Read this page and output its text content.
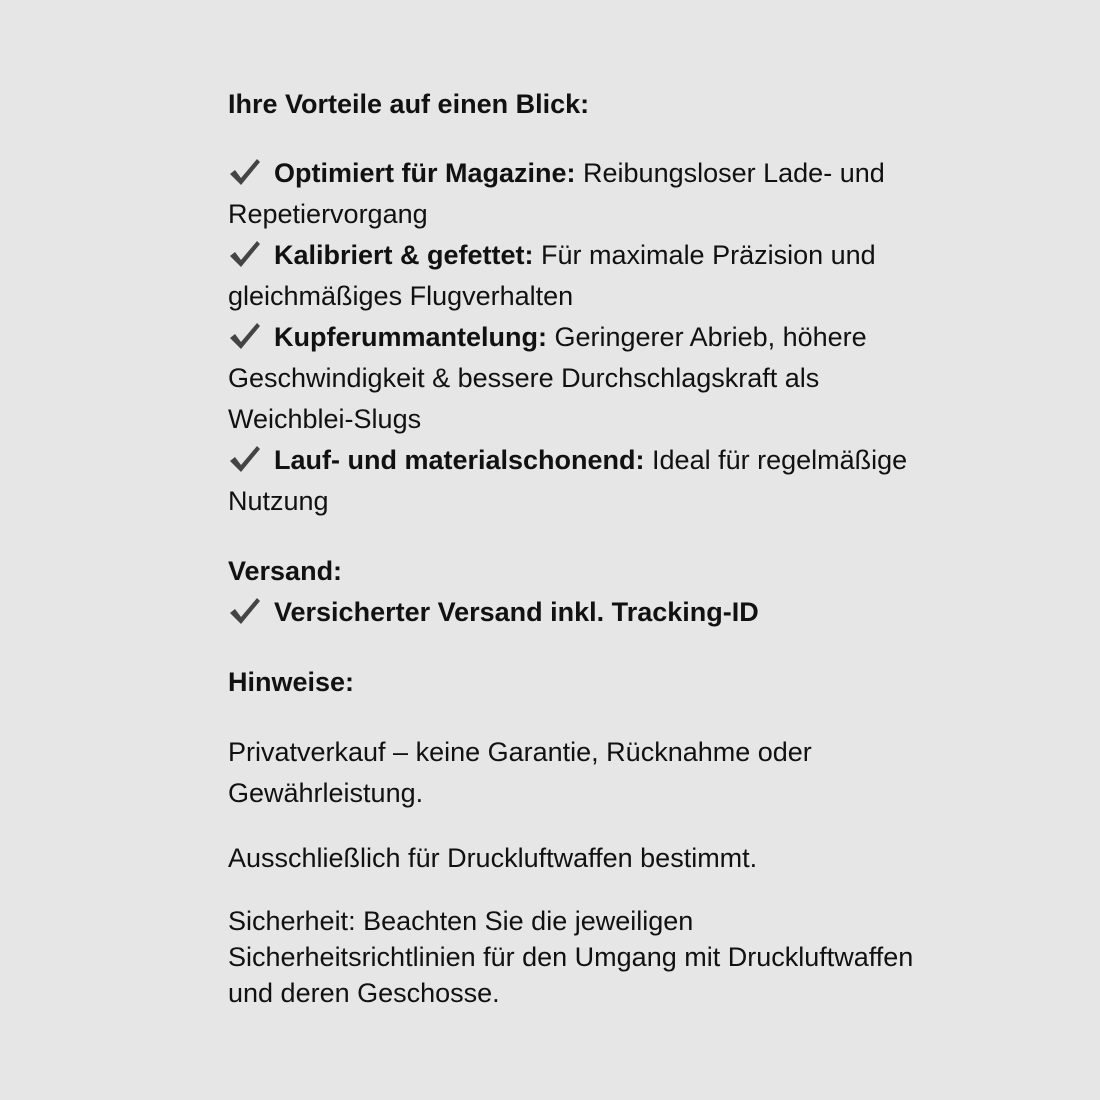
Ihre Vorteile auf einen Blick:

Optimiert für Magazine: Reibungsloser Lade- und Repetiervorgang
Kalibriert & gefettet: Für maximale Präzision und gleichmäßiges Flugverhalten
Kupferummantelung: Geringerer Abrieb, höhere Geschwindigkeit & bessere Durchschlagskraft als Weichblei-Slugs
Lauf- und materialschonend: Ideal für regelmäßige Nutzung

Versand:

Versicherter Versand inkl. Tracking-ID

Hinweise:

Privatverkauf – keine Garantie, Rücknahme oder Gewährleistung.

Ausschließlich für Druckluftwaffen bestimmt.

Sicherheit: Beachten Sie die jeweiligen Sicherheitsrichtlinien für den Umgang mit Druckluftwaffen und deren Geschosse.
